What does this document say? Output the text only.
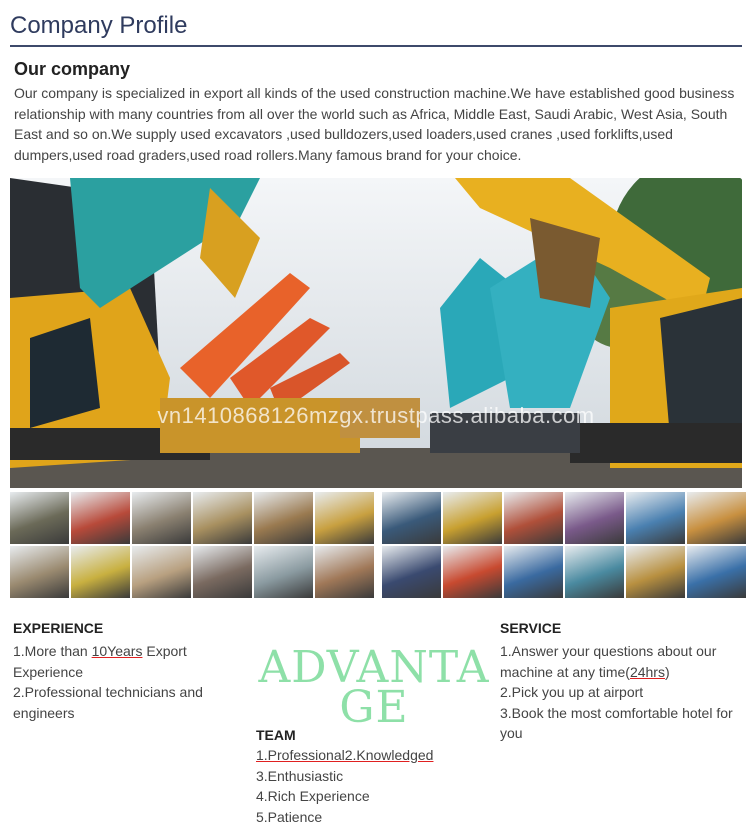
Company Profile
Our company
Our company is specialized in export all kinds of the used construction machine.We have established good business relationship with many countries from all over the world such as Africa, Middle East, Saudi Arabic, West Asia, South East and so on.We supply used excavators ,used bulldozers,used loaders,used cranes ,used forklifts,used dumpers,used road graders,used road rollers.Many famous brand for your choice.
vn1410868126mzgx.trustpass.alibaba.com
EXPERIENCE
1.More than 10Years Export Experience
2.Professional technicians and engineers
ADVANTA
GE
TEAM
1.Professional2.Knowledged
3.Enthusiastic
4.Rich Experience
5.Patience
SERVICE
1.Answer your questions about our machine at any time(24hrs)
2.Pick you up at airport
3.Book the most comfortable hotel for you
